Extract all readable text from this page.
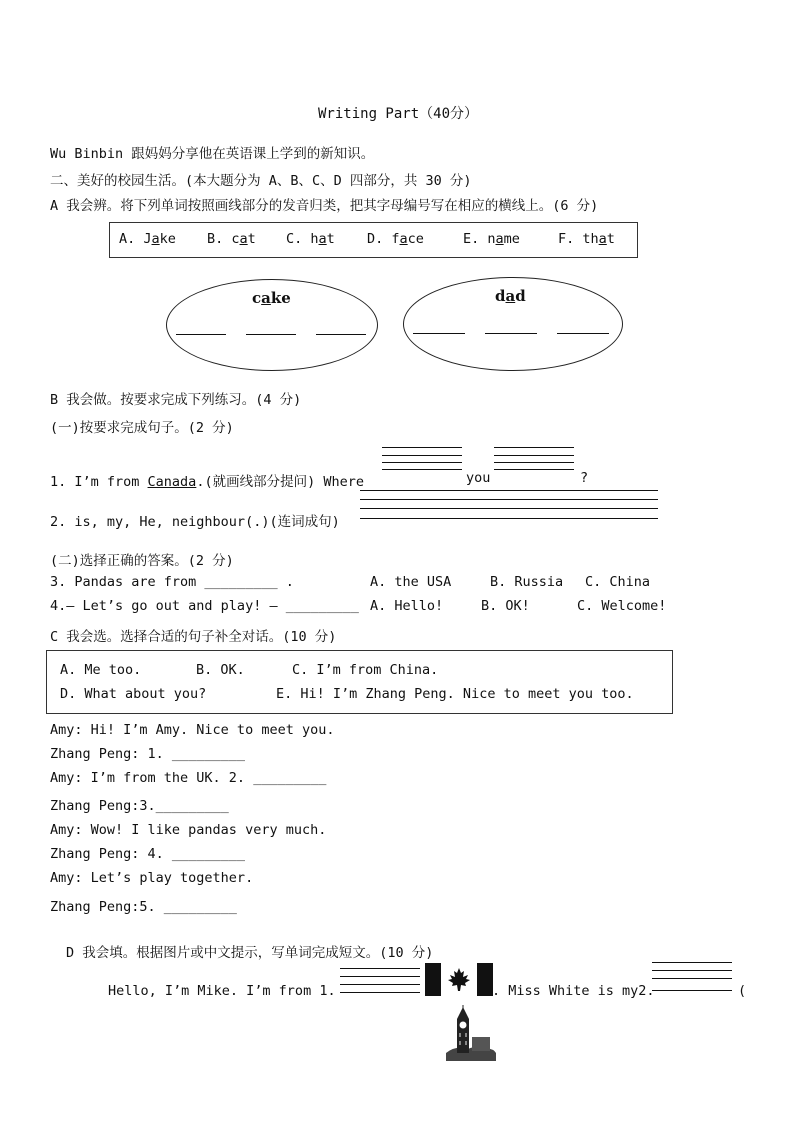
Writing Part（40分）
Wu Binbin 跟妈妈分享他在英语课上学到的新知识。
二、美好的校园生活。(本大题分为 A、B、C、D 四部分，共 30 分)
A 我会辨。将下列单词按照画线部分的发音归类，把其字母编号写在相应的横线上。(6 分)
A. Jake B. cat C. hat D. face	E. name	F. that
cake	dad
B 我会做。按要求完成下列练习。(4 分)
(一)按要求完成句子。(2 分)
1. I’m from Canada.(就画线部分提问) Where	you	?
2. is, my, He, neighbour(.)(连词成句)
(二)选择正确的答案。(2 分)
3. Pandas are from _________ .	A. the USA	B. Russia C. China
4.— Let’s go out and play! — _________ A. Hello!	B. OK!	C. Welcome!
C 我会选。选择合适的句子补全对话。(10 分)
A. Me too.	B. OK.	C. I’m from China.
D. What about you?	E. Hi! I’m Zhang Peng. Nice to meet you too.
Amy: Hi! I’m Amy. Nice to meet you.
Zhang Peng: 1. _________
Amy: I’m from the UK. 2. _________
Zhang Peng:3._________
Amy: Wow! I like pandas very much.
Zhang Peng: 4. _________
Amy: Let’s play together.
Zhang Peng:5. _________
D 我会填。根据图片或中文提示，写单词完成短文。(10 分)
Hello, I’m Mike. I’m from 1.	. Miss White is my2.	(
